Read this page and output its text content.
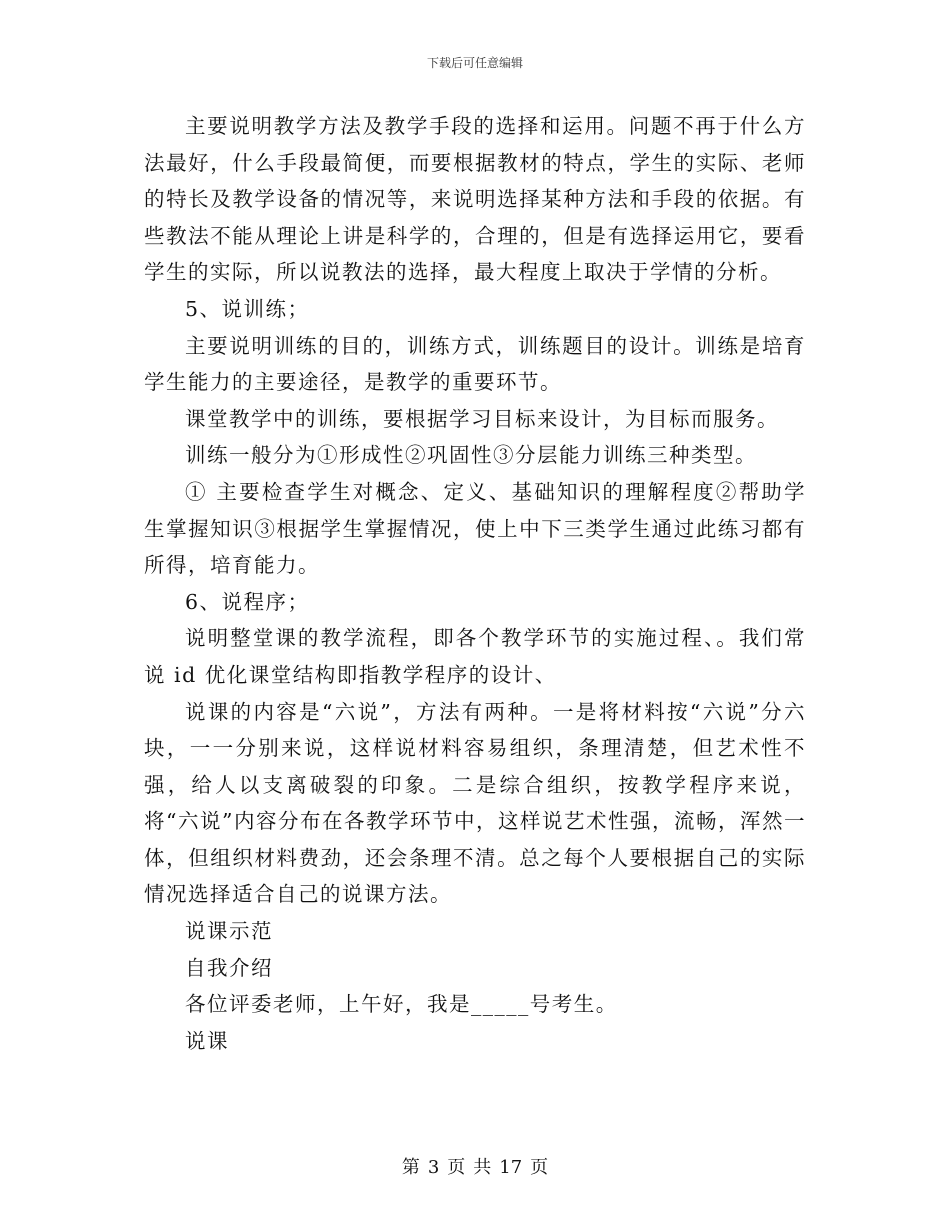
下载后可任意编辑

主要说明教学方法及教学手段的选择和运用。问题不再于什么方法最好，什么手段最简便，而要根据教材的特点，学生的实际、老师的特长及教学设备的情况等，来说明选择某种方法和手段的依据。有些教法不能从理论上讲是科学的，合理的，但是有选择运用它，要看学生的实际，所以说教法的选择，最大程度上取决于学情的分析。

5、说训练；

主要说明训练的目的，训练方式，训练题目的设计。训练是培育学生能力的主要途径，是教学的重要环节。

课堂教学中的训练，要根据学习目标来设计，为目标而服务。

训练一般分为①形成性②巩固性③分层能力训练三种类型。

① 主要检查学生对概念、定义、基础知识的理解程度②帮助学生掌握知识③根据学生掌握情况，使上中下三类学生通过此练习都有所得，培育能力。

6、说程序；

说明整堂课的教学流程，即各个教学环节的实施过程、。我们常说 id 优化课堂结构即指教学程序的设计、

说课的内容是“六说”，方法有两种。一是将材料按“六说”分六块，一一分别来说，这样说材料容易组织，条理清楚，但艺术性不强，给人以支离破裂的印象。二是综合组织，按教学程序来说，将“六说”内容分布在各教学环节中，这样说艺术性强，流畅，浑然一体，但组织材料费劲，还会条理不清。总之每个人要根据自己的实际情况选择适合自己的说课方法。

说课示范

自我介绍

各位评委老师，上午好，我是_____号考生。

说课

第 3 页 共 17 页
